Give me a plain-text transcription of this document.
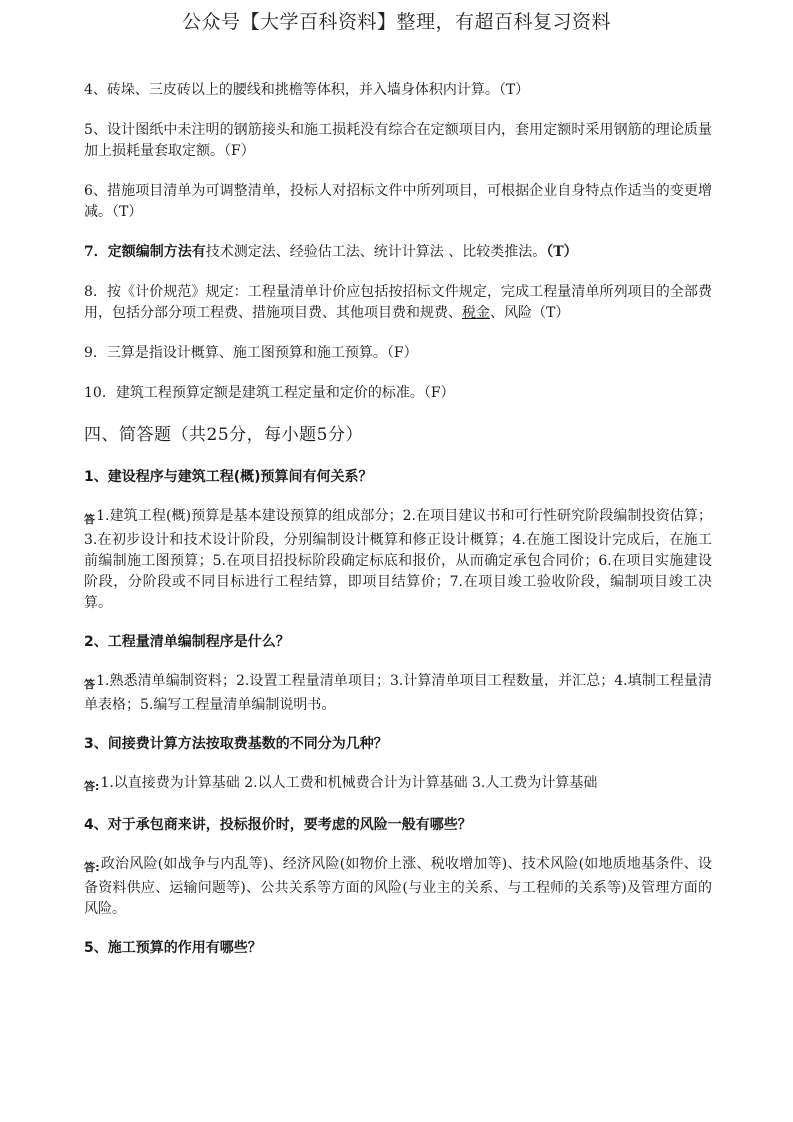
公众号【大学百科资料】整理，有超百科复习资料

4、砖垛、三皮砖以上的腰线和挑檐等体积，并入墙身体积内计算。（T）

5、设计图纸中未注明的钢筋接头和施工损耗没有综合在定额项目内，套用定额时采用钢筋的理论质量加上损耗量套取定额。（F）

6、措施项目清单为可调整清单，投标人对招标文件中所列项目，可根据企业自身特点作适当的变更增减。（T）

7．定额编制方法有技术测定法、经验估工法、统计计算法 、比较类推法。（T）

8．按《计价规范》规定：工程量清单计价应包括按招标文件规定，完成工程量清单所列项目的全部费用，包括分部分项工程费、措施项目费、其他项目费和规费、税金、风险（T）

9．三算是指设计概算、施工图预算和施工预算。（F）

10．建筑工程预算定额是建筑工程定量和定价的标准。（F）

四、简答题（共25分，每小题5分）
1、建设程序与建筑工程(概)预算间有何关系？

$_答$1.建筑工程(概)预算是基本建设预算的组成部分；2.在项目建议书和可行性研究阶段编制投资估算；3.在初步设计和技术设计阶段，分别编制设计概算和修正设计概算；4.在施工图设计完成后，在施工前编制施工图预算；5.在项目招投标阶段确定标底和报价，从而确定承包合同价；6.在项目实施建设阶段，分阶段或不同目标进行工程结算，即项目结算价；7.在项目竣工验收阶段，编制项目竣工决算。

2、工程量清单编制程序是什么？

$_答$1.熟悉清单编制资料；2.设置工程量清单项目；3.计算清单项目工程数量，并汇总；4.填制工程量清单表格；5.编写工程量清单编制说明书。

3、间接费计算方法按取费基数的不同分为几种？

$_{答:}$1.以直接费为计算基础 2.以人工费和机械费合计为计算基础 3.人工费为计算基础

4、对于承包商来讲，投标报价时，要考虑的风险一般有哪些？

$_{答:}$政治风险(如战争与内乱等)、经济风险(如物价上涨、税收增加等)、技术风险(如地质地基条件、设备资料供应、运输问题等)、公共关系等方面的风险(与业主的关系、与工程师的关系等)及管理方面的风险。

5、施工预算的作用有哪些？
